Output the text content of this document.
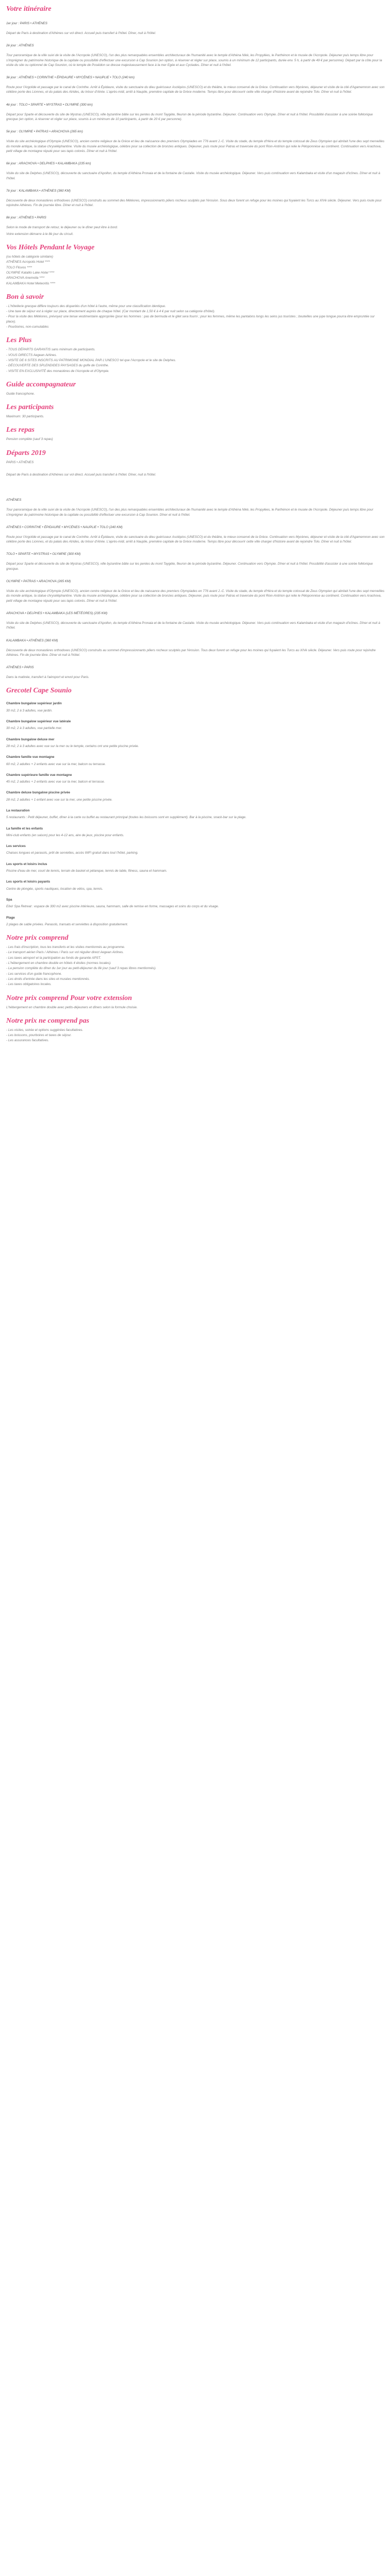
Votre itinéraire

1er jour : PARIS • ATHÈNES

Départ de Paris à destination d'Athènes sur vol direct. Accueil puis transfert à l'hôtel. Dîner, nuit à l'hôtel.

2è jour : ATHÈNES

Tour panoramique de la ville suivi de la visite de l'Acropole (UNESCO), l'un des plus remarquables ensembles architecturaux de l'humanité avec le temple d'Athéna Nikè, les Propylées, le Parthénon et le musée de l'Acropole. Déjeuner puis temps libre pour s'imprégner du patrimoine historique de la capitale ou possibilité d'effectuer une excursion à Cap Sounion (en option, à réserver et régler sur place, soumis à un minimum de 12 participants, durée env. 5 h, à partir de 49 € par personne). Départ par la côte pour la visite du site ou optionnel de Cap Sounion, où le temple de Poséidon se dresse majestueusement face à la mer Egée et aux Cyclades. Dîner et nuit à l'hôtel.

3è jour : ATHÈNES • CORINTHE • ÉPIDAURE • MYCÈNES • NAUPLIE • TOLO (240 km)

Route pour l'Argolide et passage par le canal de Corinthe. Arrêt à Épidaure, visite du sanctuaire du dieu guérisseur Asclépios (UNESCO) et du théâtre, le mieux conservé de la Grèce. Continuation vers Mycènes, déjeuner et visite de la cité d'Agamemnon avec son célèbre porte des Lionnes, et du palais des Atrides, du trésor d'Atrée. L'après-midi, arrêt à Nauplie, première capitale de la Grèce moderne. Temps libre pour découvrir cette ville charger d'histoire avant de rejoindre Tolo. Dîner et nuit à l'hôtel.

4è jour : TOLO • SPARTE • MYSTRAS • OLYMPIE (300 km)

Départ pour Sparte et découverte du site de Mystras (UNESCO), ville byzantine bâtie sur les pentes du mont Taygète, fleuron de la période byzantine. Déjeuner. Continuation vers Olympie. Dîner et nuit à l'hôtel. Possibilité d'assister à une soirée folklorique grecque (en option, à réserver et régler sur place, soumis à un minimum de 10 participants, à partir de 20 € par personne).

5è jour : OLYMPIE • PATRAS • ARACHOVA (265 km)

Visite du site archéologique d'Olympie (UNESCO), ancien centre religieux de la Grèce et lieu de naissance des premiers Olympiades en 776 avant J.-C. Visite du stade, du temple d'Héra et du temple colossal de Zeus Olympien qui abritait l'une des sept merveilles du monde antique, la statue chryséléphantine. Visite du musée archéologique, célèbre pour sa collection de bronzes antiques. Déjeuner, puis route pour Patras et traversée du pont Rion-Antirion qui relie le Péloponnèse au continent. Continuation vers Arachova, petit village de montagne réputé pour ses tapis colorés. Dîner et nuit à l'hôtel.

6è jour : ARACHOVA • DELPHES • KALAMBAKA (235 km)

Visite du site de Delphes (UNESCO), découverte du sanctuaire d'Apollon, du temple d'Athéna Pronaia et de la fontaine de Castalie. Visite du musée archéologique. Déjeuner. Vers puis continuation vers Kalambaka et visite d'un magasin d'icônes. Dîner et nuit à l'hôtel.

7è jour : KALAMBAKA • ATHÈNES (360 KM)

Découverte de deux monastères orthodoxes (UNESCO) construits au sommet des Météores, impressionnants piliers rocheux sculptés par l'érosion. Sous deux furent un refuge pour les moines qui fuyaient les Turcs au XIVè siècle. Déjeuner. Vers puis route pour rejoindre Athènes. Fin de journée libre. Dîner et nuit à l'hôtel.

8è jour : ATHÈNES • PARIS

Selon le mode de transport de retour, le déjeuner ou le dîner peut être à bord.

Votre extension démarre à le 8è jour du circuit.

Vos Hôtels Pendant le Voyage
(ou hôtels de catégorie similaire)
ATHÈNES Acropolis Hotel ****
TOLO Flisvos ****
OLYMPIE Katalilo Lake Hotel ****
ARACHOVA Anemolia ****
KALAMBAKA Hotel Meteoritis ****
Bon à savoir
- L'hôtellerie grecque diffère toujours des disparités d'un hôtel à l'autre, même pour une classification identique.
- Une taxe de séjour est à régler sur place, directement auprès de chaque hôtel. (Car montant de 1,50 € à 4 € par nuit selon sa catégorie d'hôtel).
- Pour la visite des Météores, prévoyez une tenue vestimentaire appropriée (pour les hommes : pas de bermuda et le gilet sera fourni ; pour les femmes, même les pantalons longs les seins jus touristes ; bouteilles une jupe longue pourra être empruntée sur place).
- Pourboires, non-cumulables
Les Plus
- TOUS DÉPARTS GARANTIS sans minimum de participants.
- VOUS DIRECTS Aegean Airlines.
- VISITE DE 6 SITES INSCRITS AU PATRIMOINE MONDIAL PAR L'UNESCO tel que l'Acropole et le site de Delphes.
- DÉCOUVERTE DES SPLENDIDES PAYSAGES du golfe de Corinthe.
- VISITE EN EXCLUSIVITÉ des monastères de l'Acropole et d'Olympie.
Guide accompagnateur

Guide francophone.

Les participants

Maximum: 30 participants.

Les repas

Pension complète (sauf 3 repas)

Départs 2019

PARIS • ATHÈNES

Départ de Paris à destination d'Athènes sur vol direct. Accueil puis transfert à l'hôtel. Dîner, nuit à l'hôtel.

ATHÈNES

Tour panoramique de la ville suivi de la visite de l'Acropole (UNESCO), l'un des plus remarquables ensembles architecturaux de l'humanité avec le temple d'Athéna Nikè, les Propylées, le Parthénon et le musée de l'Acropole. Déjeuner puis temps libre pour s'imprégner du patrimoine historique de la capitale ou possibilité d'effectuer une excursion à Cap Sounion. Dîner et nuit à l'hôtel.

ATHÈNES • CORINTHE • ÉPIDAURE • MYCÈNES • NAUPLIE • TOLO (240 KM)

Route pour l'Argolide et passage par le canal de Corinthe. Arrêt à Épidaure, visite du sanctuaire du dieu guérisseur Asclépios (UNESCO) et du théâtre, le mieux conservé de la Grèce. Continuation vers Mycènes, déjeuner et visite de la cité d'Agamemnon avec son célèbre porte des Lionnes, et du palais des Atrides, du trésor d'Atrée. L'après-midi, arrêt à Nauplie, première capitale de la Grèce moderne. Temps libre pour découvrir cette ville charger d'histoire avant de rejoindre Tolo. Dîner et nuit à l'hôtel.

TOLO • SPARTE • MYSTRAS • OLYMPIE (300 KM)

Départ pour Sparte et découverte du site de Mystras (UNESCO), ville byzantine bâtie sur les pentes du mont Taygète, fleuron de la période byzantine. Déjeuner. Continuation vers Olympie. Dîner et nuit à l'hôtel. Possibilité d'assister à une soirée folklorique grecque.

OLYMPIE • PATRAS • ARACHOVA (265 KM)

Visite du site archéologique d'Olympie (UNESCO), ancien centre religieux de la Grèce et lieu de naissance des premiers Olympiades en 776 avant J.-C. Visite du stade, du temple d'Héra et du temple colossal de Zeus Olympien qui abritait l'une des sept merveilles du monde antique, la statue chryséléphantine. Visite du musée archéologique, célèbre pour sa collection de bronzes antiques. Déjeuner, puis route pour Patras et traversée du pont Rion-Antirion qui relie le Péloponnèse au continent. Continuation vers Arachova, petit village de montagne réputé pour ses tapis colorés. Dîner et nuit à l'hôtel.

ARACHOVA • DELPHES • KALAMBAKA (LES MÉTÉORES) (235 KM)

Visite du site de Delphes (UNESCO), découverte du sanctuaire d'Apollon, du temple d'Athéna Pronaia et de la fontaine de Castalie. Visite du musée archéologique. Déjeuner. Vers puis continuation vers Kalambaka et visite d'un magasin d'icônes. Dîner et nuit à l'hôtel.

KALAMBAKA • ATHÈNES (360 KM)

Découverte de deux monastères orthodoxes (UNESCO) construits au sommet d'impressionnants piliers rocheux sculptés par l'érosion. Tous deux furent un refuge pour les moines qui fuyaient les Turcs au XIVè siècle. Déjeuner. Vers puis route pour rejoindre Athènes. Fin de journée libre. Dîner et nuit à l'hôtel.

ATHÈNES • PARIS

Dans la matinée, transfert à l'aéroport et envol pour Paris.

Grecotel Cape Sounio

Chambre bungalow supérieur jardin

30 m2, 2 à 3 adultes, vue jardin.

Chambre bungalow supérieur vue latérale

30 m2, 2 à 3 adultes, vue partielle mer.

Chambre bungalow deluxe mer

28 m2, 2 à 3 adultes avec vue sur la mer ou le temple, certains ont une petite piscine privée.

Chambre famille vue montagne

60 m2, 2 adultes + 2 enfants avec vue sur la mer, balcon ou terrasse.

Chambre supérieure famille vue montagne

45 m2, 2 adultes + 2 enfants avec vue sur la mer, balcon et terrasse.

Chambre deluxe bungalow piscine privée

28 m2, 2 adultes + 1 enfant avec vue sur la mer, une petite piscine privée.

La restauration

5 restaurants : Petit déjeuner, buffet, dîner à la carte ou buffet au restaurant principal (toutes les boissons sont en supplément). Bar à la piscine, snack-bar sur la plage.

La famille et les enfants

Mini-club enfants (en saison) pour les 4-12 ans, aire de jeux, piscine pour enfants.

Les services

Chaises longues et parasols, prêt de serviettes, accès WiFi gratuit dans tout l'hôtel, parking.

Les sports et loisirs inclus

Piscine d'eau de mer, court de tennis, terrain de basket et pétanque, tennis de table, fitness, sauna et hammam.

Les sports et loisirs payants

Centre de plongée, sports nautiques, location de vélos, spa, tennis.

Spa

Elixir Spa Retreat : espace de 300 m2 avec piscine intérieure, sauna, hammam, salle de remise en forme, massages et soins du corps et du visage.

Plage

2 plages de sable privées. Parasols, transats et serviettes à disposition gratuitement.

Notre prix comprend
- Les frais d'inscription, tous les transferts et les visites mentionnés au programme.
- Le transport aérien Paris / Athènes / Paris sur vol régulier direct Aegean Airlines.
- Les taxes aéroport et la participation au fonds de garantie APST.
- L'hébergement en chambre double en hôtels 4 étoiles (normes locales).
- La pension complète du dîner du 1er jour au petit-déjeuner du 8è jour (sauf 3 repas libres mentionnés).
- Les services d'un guide francophone.
- Les droits d'entrée dans les sites et musées mentionnés.
- Les taxes obligatoires locales.
Notre prix comprend Pour votre extension

L'hébergement en chambre double avec petits-déjeuners et dîners selon la formule choisie.

Notre prix ne comprend pas
- Les visites, soirée et options suggérées facultatives.
- Les boissons, pourboires et taxes de séjour.
- Les assurances facultatives.
